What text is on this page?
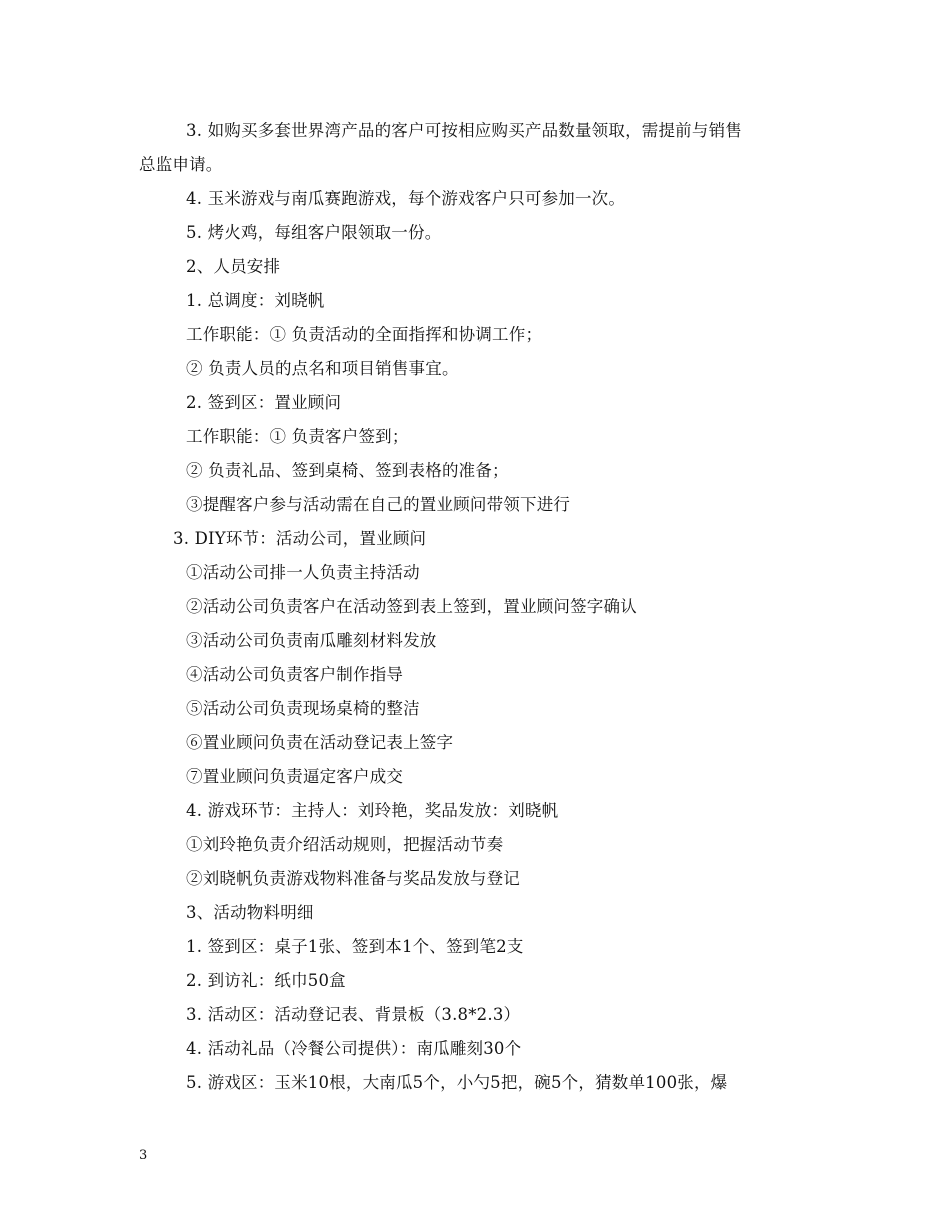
3. 如购买多套世界湾产品的客户可按相应购买产品数量领取，需提前与销售
总监申请。
4. 玉米游戏与南瓜赛跑游戏，每个游戏客户只可参加一次。
5. 烤火鸡，每组客户限领取一份。
2、人员安排
1. 总调度：刘晓帆
工作职能：① 负责活动的全面指挥和协调工作；
② 负责人员的点名和项目销售事宜。
2. 签到区：置业顾问
工作职能：① 负责客户签到；
② 负责礼品、签到桌椅、签到表格的准备；
③提醒客户参与活动需在自己的置业顾问带领下进行
3. DIY环节：活动公司，置业顾问
①活动公司排一人负责主持活动
②活动公司负责客户在活动签到表上签到，置业顾问签字确认
③活动公司负责南瓜雕刻材料发放
④活动公司负责客户制作指导
⑤活动公司负责现场桌椅的整洁
⑥置业顾问负责在活动登记表上签字
⑦置业顾问负责逼定客户成交
4. 游戏环节：主持人：刘玲艳，奖品发放：刘晓帆
①刘玲艳负责介绍活动规则，把握活动节奏
②刘晓帆负责游戏物料准备与奖品发放与登记
3、活动物料明细
1. 签到区：桌子1张、签到本1个、签到笔2支
2. 到访礼：纸巾50盒
3. 活动区：活动登记表、背景板（3.8*2.3）
4. 活动礼品（冷餐公司提供）：南瓜雕刻30个
5. 游戏区：玉米10根，大南瓜5个，小勺5把，碗5个，猜数单100张，爆
3
